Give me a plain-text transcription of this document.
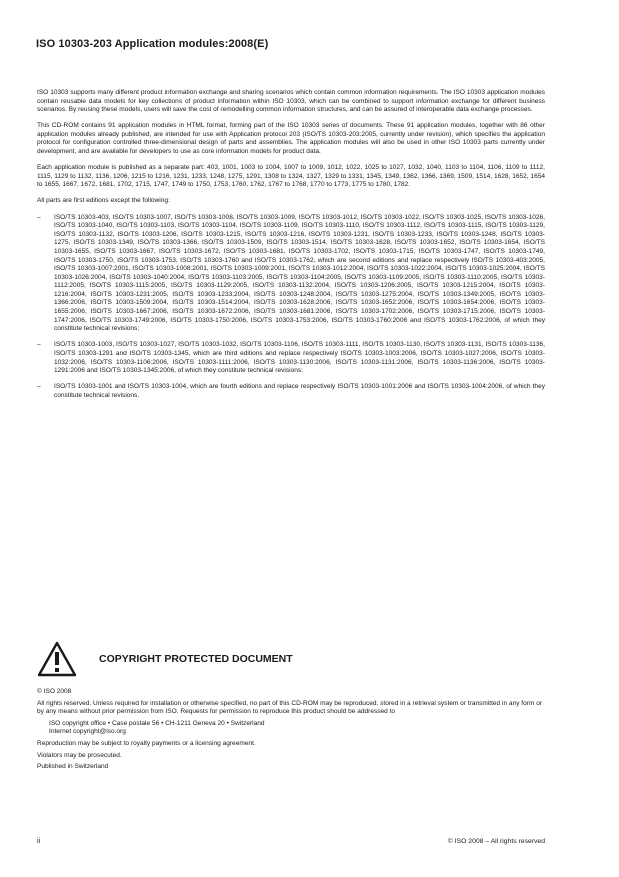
ISO 10303-203 Application modules:2008(E)

ISO 10303 supports many different product information exchange and sharing scenarios which contain common information requirements. The ISO 10303 application modules contain reusable data models for key collections of product information within ISO 10303, which can be combined to support information exchange for different business scenarios. By reusing these models, users will save the cost of remodelling common information structures, and can be assured of interoperable data exchange processes.

This CD-ROM contains 91 application modules in HTML format, forming part of the ISO 10303 series of documents. These 91 application modules, together with 86 other application modules already published, are intended for use with Application protocol 203 (ISO/TS 10303-203:2005, currently under revision), which specifies the application protocol for configuration controlled three-dimensional design of parts and assemblies. The application modules will also be used in other ISO 10303 parts currently under development, and are available for developers to use as core information models for product data.

Each application module is published as a separate part: 403, 1001, 1003 to 1004, 1007 to 1009, 1012, 1022, 1025 to 1027, 1032, 1040, 1103 to 1104, 1106, 1109 to 1112, 1115, 1129 to 1132, 1136, 1206, 1215 to 1216, 1231, 1233, 1248, 1275, 1291, 1308 to 1324, 1327, 1329 to 1331, 1345, 1349, 1362, 1366, 1369, 1509, 1514, 1628, 1652, 1654 to 1655, 1667, 1672, 1681, 1702, 1715, 1747, 1749 to 1750, 1753, 1760, 1762, 1767 to 1768, 1770 to 1773, 1775 to 1780, 1782.

All parts are first editions except the following:

– ISO/TS 10303-403, ISO/TS 10303-1007, ISO/TS 10303-1008, ISO/TS 10303-1009, ISO/TS 10303-1012, ISO/TS 10303-1022, ISO/TS 10303-1025, ISO/TS 10303-1026, ISO/TS 10303-1040, ISO/TS 10303-1103, ISO/TS 10303-1104, ISO/TS 10303-1109, ISO/TS 10303-1110, ISO/TS 10303-1112, ISO/TS 10303-1115, ISO/TS 10303-1129, ISO/TS 10303-1132, ISO/TS 10303-1206, ISO/TS 10303-1215, ISO/TS 10303-1216, ISO/TS 10303-1231, ISO/TS 10303-1233, ISO/TS 10303-1248, ISO/TS 10303-1275, ISO/TS 10303-1349, ISO/TS 10303-1366, ISO/TS 10303-1509, ISO/TS 10303-1514, ISO/TS 10303-1628, ISO/TS 10303-1652, ISO/TS 10303-1654, ISO/TS 10303-1655, ISO/TS 10303-1667, ISO/TS 10303-1672, ISO/TS 10303-1681, ISO/TS 10303-1702, ISO/TS 10303-1715, ISO/TS 10303-1747, ISO/TS 10303-1749, ISO/TS 10303-1750, ISO/TS 10303-1753, ISO/TS 10303-1760 and ISO/TS 10303-1762, which are second editions and replace respectively ISO/TS 10303-403:2005, ISO/TS 10303-1007:2001, ISO/TS 10303-1008:2001, ISO/TS 10303-1009:2001, ISO/TS 10303-1012:2004, ISO/TS 10303-1022:2004, ISO/TS 10303-1025:2004, ISO/TS 10303-1026:2004, ISO/TS 10303-1040:2004, ISO/TS 10303-1103:2005, ISO/TS 10303-1104:2005, ISO/TS 10303-1109:2005, ISO/TS 10303-1110:2005, ISO/TS 10303-1112:2005, ISO/TS 10303-1115:2005, ISO/TS 10303-1129:2005, ISO/TS 10303-1132:2004, ISO/TS 10303-1206:2005, ISO/TS 10303-1215:2004, ISO/TS 10303-1216:2004, ISO/TS 10303-1231:2005, ISO/TS 10303-1233:2004, ISO/TS 10303-1248:2004, ISO/TS 10303-1275:2004, ISO/TS 10303-1349:2005, ISO/TS 10303-1366:2006, ISO/TS 10303-1509:2004, ISO/TS 10303-1514:2004, ISO/TS 10303-1628:2006, ISO/TS 10303-1652:2006, ISO/TS 10303-1654:2006, ISO/TS 10303-1655:2006, ISO/TS 10303-1667:2006, ISO/TS 10303-1672:2006, ISO/TS 10303-1681:2006, ISO/TS 10303-1702:2006, ISO/TS 10303-1715:2006, ISO/TS 10303-1747:2006, ISO/TS 10303-1749:2006, ISO/TS 10303-1750:2006, ISO/TS 10303-1753:2006, ISO/TS 10303-1760:2006 and ISO/TS 10303-1762:2006, of which they constitute technical revisions;
– ISO/TS 10303-1003, ISO/TS 10303-1027, ISO/TS 10303-1032, ISO/TS 10303-1106, ISO/TS 10303-1111, ISO/TS 10303-1130, ISO/TS 10303-1131, ISO/TS 10303-1136, ISO/TS 10303-1291 and ISO/TS 10303-1345, which are third editions and replace respectively ISO/TS 10303-1003:2006, ISO/TS 10303-1027:2006, ISO/TS 10303-1032:2006, ISO/TS 10303-1106:2006, ISO/TS 10303-1111:2006, ISO/TS 10303-1130:2006, ISO/TS 10303-1131:2006, ISO/TS 10303-1136:2006, ISO/TS 10303-1291:2006 and ISO/TS 10303-1345:2006, of which they constitute technical revisions;
– ISO/TS 10303-1001 and ISO/TS 10303-1004, which are fourth editions and replace respectively ISO/TS 10303-1001:2006 and ISO/TS 10303-1004:2006, of which they constitute technical revisions.
COPYRIGHT PROTECTED DOCUMENT

© ISO 2008

All rights reserved. Unless required for installation or otherwise specified, no part of this CD-ROM may be reproduced, stored in a retrieval system or transmitted in any form or by any means without prior permission from ISO. Requests for permission to reproduce this product should be addressed to

ISO copyright office • Case postale 56 • CH-1211 Geneva 20 • Switzerland
Internet copyright@iso.org

Reproduction may be subject to royalty payments or a licensing agreement.

Violators may be prosecuted.

Published in Switzerland

ii	© ISO 2008 – All rights reserved
